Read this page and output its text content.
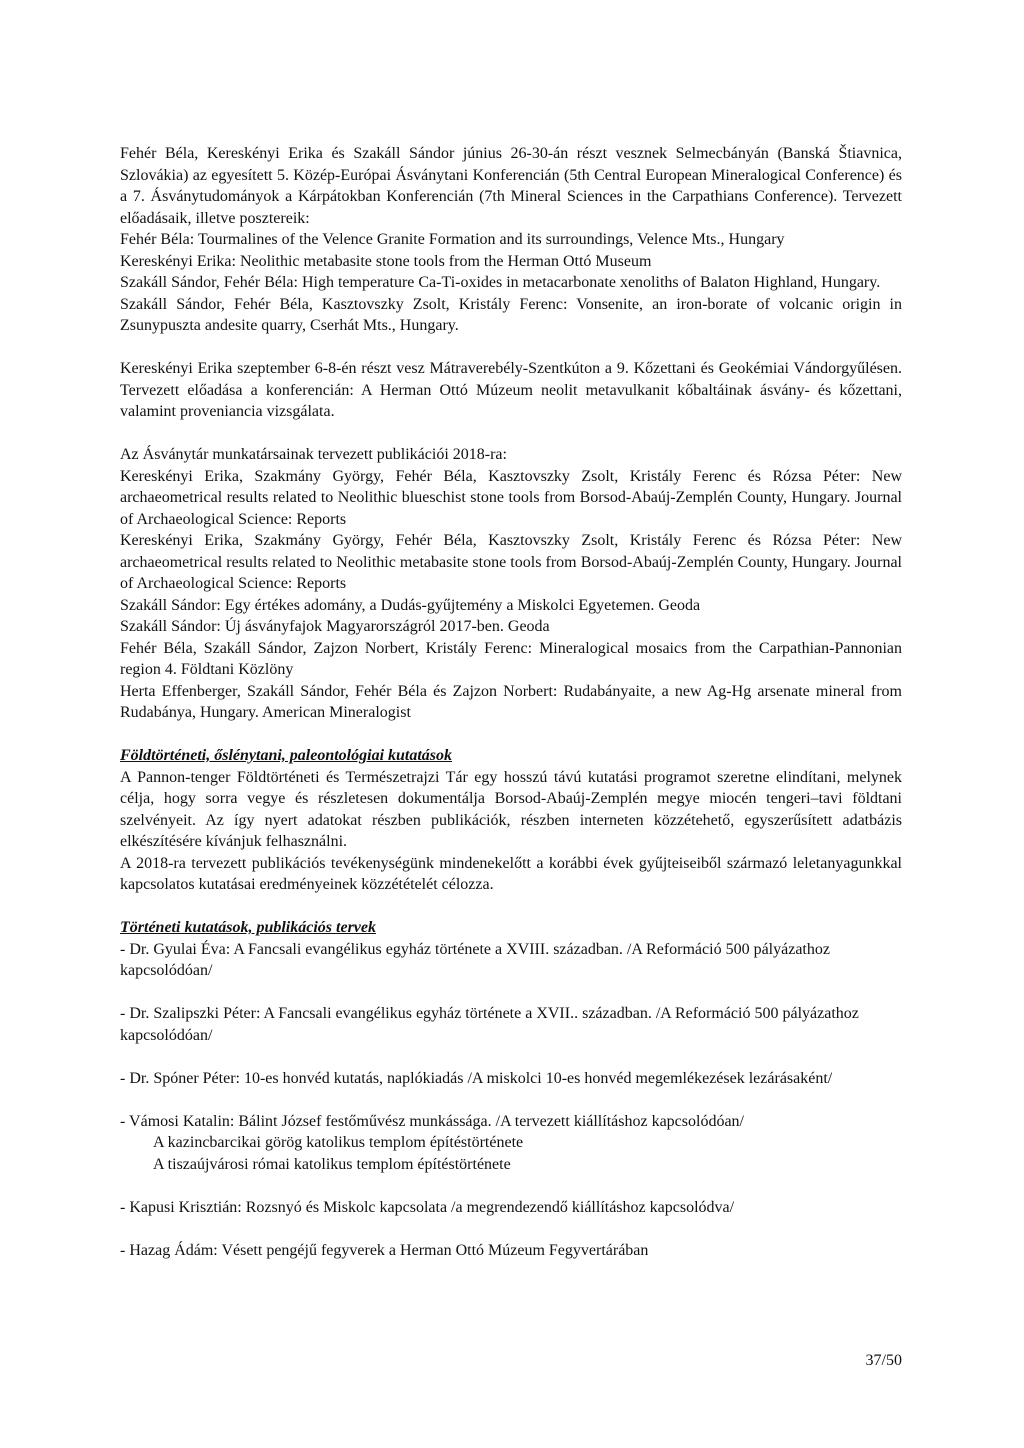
Fehér Béla, Kereskényi Erika és Szakáll Sándor június 26-30-án részt vesznek Selmecbányán (Banská Štiavnica, Szlovákia) az egyesített 5. Közép-Európai Ásványtani Konferencián (5th Central European Mineralogical Conference) és a 7. Ásványtudományok a Kárpátokban Konferencián (7th Mineral Sciences in the Carpathians Conference). Tervezett előadásaik, illetve posztereik:

Fehér Béla: Tourmalines of the Velence Granite Formation and its surroundings, Velence Mts., Hungary

Kereskényi Erika: Neolithic metabasite stone tools from the Herman Ottó Museum

Szakáll Sándor, Fehér Béla: High temperature Ca-Ti-oxides in metacarbonate xenoliths of Balaton Highland, Hungary.

Szakáll Sándor, Fehér Béla, Kasztovszky Zsolt, Kristály Ferenc: Vonsenite, an iron-borate of volcanic origin in Zsunypuszta andesite quarry, Cserhát Mts., Hungary.

Kereskényi Erika szeptember 6-8-én részt vesz Mátraverebély-Szentkúton a 9. Kőzettani és Geokémiai Vándorgyűlésen. Tervezett előadása a konferencián: A Herman Ottó Múzeum neolit metavulkanit kőbaltáinak ásvány- és kőzettani, valamint proveniancia vizsgálata.

Az Ásványtár munkatársainak tervezett publikációi 2018-ra:

Kereskényi Erika, Szakmány György, Fehér Béla, Kasztovszky Zsolt, Kristály Ferenc és Rózsa Péter: New archaeometrical results related to Neolithic blueschist stone tools from Borsod-Abaúj-Zemplén County, Hungary. Journal of Archaeological Science: Reports

Kereskényi Erika, Szakmány György, Fehér Béla, Kasztovszky Zsolt, Kristály Ferenc és Rózsa Péter: New archaeometrical results related to Neolithic metabasite stone tools from Borsod-Abaúj-Zemplén County, Hungary. Journal of Archaeological Science: Reports

Szakáll Sándor: Egy értékes adomány, a Dudás-gyűjtemény a Miskolci Egyetemen. Geoda

Szakáll Sándor: Új ásványfajok Magyarországról 2017-ben. Geoda

Fehér Béla, Szakáll Sándor, Zajzon Norbert, Kristály Ferenc: Mineralogical mosaics from the Carpathian-Pannonian region 4. Földtani Közlöny

Herta Effenberger, Szakáll Sándor, Fehér Béla és Zajzon Norbert: Rudabányaite, a new Ag-Hg arsenate mineral from Rudabánya, Hungary. American Mineralogist

Földtörténeti, őslénytani, paleontológiai kutatások

A Pannon-tenger Földtörténeti és Természetrajzi Tár egy hosszú távú kutatási programot szeretne elindítani, melynek célja, hogy sorra vegye és részletesen dokumentálja Borsod-Abaúj-Zemplén megye miocén tengeri–tavi földtani szelvényeit. Az így nyert adatokat részben publikációk, részben interneten közzétehető, egyszerűsített adatbázis elkészítésére kívánjuk felhasználni.

A 2018-ra tervezett publikációs tevékenységünk mindenekelőtt a korábbi évek gyűjteiseiből származó leletanyagunkkal kapcsolatos kutatásai eredményeinek közzétételét célozza.

Történeti kutatások, publikációs tervek

- Dr. Gyulai Éva: A Fancsali evangélikus egyház története a XVIII. században. /A Reformáció 500 pályázathoz kapcsolódóan/

- Dr. Szalipszki Péter: A Fancsali evangélikus egyház története a XVII.. században. /A Reformáció 500 pályázathoz kapcsolódóan/

- Dr. Spóner Péter: 10-es honvéd kutatás, naplókiadás /A miskolci 10-es honvéd megemlékezések lezárásaként/

- Vámosi Katalin: Bálint József festőművész munkássága. /A tervezett kiállításhoz kapcsolódóan/

A kazincbarcikai görög katolikus templom építéstörténete

A tiszaújvárosi római katolikus templom építéstörténete

- Kapusi Krisztián: Rozsnyó és Miskolc kapcsolata /a megrendezendő kiállításhoz kapcsolódva/

- Hazag Ádám: Vésett pengéjű fegyverek a Herman Ottó Múzeum Fegyvertárában

37/50
